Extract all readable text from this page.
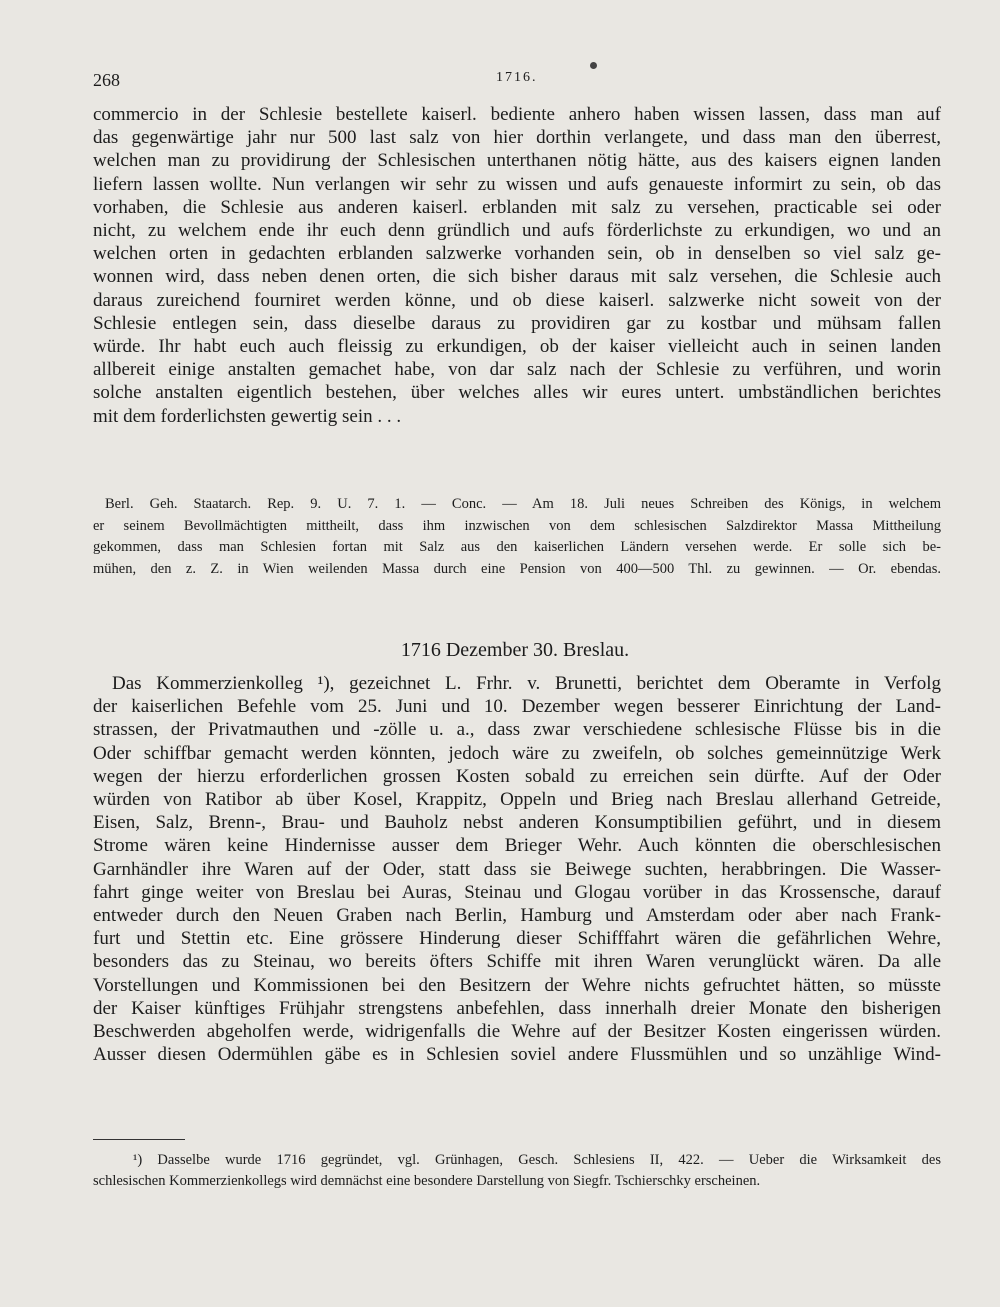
268	1716.
commercio in der Schlesie bestellete kaiserl. bediente anhero haben wissen lassen, dass man auf
das gegenwärtige jahr nur 500 last salz von hier dorthin verlangete, und dass man den überrest,
welchen man zu providirung der Schlesischen unterthanen nötig hätte, aus des kaisers eignen landen
liefern lassen wollte. Nun verlangen wir sehr zu wissen und aufs genaueste informirt zu sein, ob das
vorhaben, die Schlesie aus anderen kaiserl. erblanden mit salz zu versehen, practicable sei oder
nicht, zu welchem ende ihr euch denn gründlich und aufs förderlichste zu erkundigen, wo und an
welchen orten in gedachten erblanden salzwerke vorhanden sein, ob in denselben so viel salz ge-
wonnen wird, dass neben denen orten, die sich bisher daraus mit salz versehen, die Schlesie auch
daraus zureichend fourniret werden könne, und ob diese kaiserl. salzwerke nicht soweit von der
Schlesie entlegen sein, dass dieselbe daraus zu providiren gar zu kostbar und mühsam fallen
würde. Ihr habt euch auch fleissig zu erkundigen, ob der kaiser vielleicht auch in seinen landen
allbereit einige anstalten gemachet habe, von dar salz nach der Schlesie zu verführen, und worin
solche anstalten eigentlich bestehen, über welches alles wir eures untert. umbständlichen berichtes
mit dem forderlichsten gewertig sein . . .
Berl. Geh. Staatarch. Rep. 9. U. 7. 1. — Conc. — Am 18. Juli neues Schreiben des Königs, in welchem
er seinem Bevollmächtigten mittheilt, dass ihm inzwischen von dem schlesischen Salzdirektor Massa Mittheilung
gekommen, dass man Schlesien fortan mit Salz aus den kaiserlichen Ländern versehen werde. Er solle sich be-
mühen, den z. Z. in Wien weilenden Massa durch eine Pension von 400—500 Thl. zu gewinnen. — Or. ebendas.
1716 Dezember 30. Breslau.
Das Kommerzienkolleg ¹), gezeichnet L. Frhr. v. Brunetti, berichtet dem Oberamte in Verfolg
der kaiserlichen Befehle vom 25. Juni und 10. Dezember wegen besserer Einrichtung der Land-
strassen, der Privatmauthen und -zölle u. a., dass zwar verschiedene schlesische Flüsse bis in die
Oder schiffbar gemacht werden könnten, jedoch wäre zu zweifeln, ob solches gemeinnützige Werk
wegen der hierzu erforderlichen grossen Kosten sobald zu erreichen sein dürfte. Auf der Oder
würden von Ratibor ab über Kosel, Krappitz, Oppeln und Brieg nach Breslau allerhand Getreide,
Eisen, Salz, Brenn-, Brau- und Bauholz nebst anderen Konsumptibilien geführt, und in diesem
Strome wären keine Hindernisse ausser dem Brieger Wehr. Auch könnten die oberschlesischen
Garnhändler ihre Waren auf der Oder, statt dass sie Beiwege suchten, herabbringen. Die Wasser-
fahrt ginge weiter von Breslau bei Auras, Steinau und Glogau vorüber in das Krossensche, darauf
entweder durch den Neuen Graben nach Berlin, Hamburg und Amsterdam oder aber nach Frank-
furt und Stettin etc. Eine grössere Hinderung dieser Schifffahrt wären die gefährlichen Wehre,
besonders das zu Steinau, wo bereits öfters Schiffe mit ihren Waren verunglückt wären. Da alle
Vorstellungen und Kommissionen bei den Besitzern der Wehre nichts gefruchtet hätten, so müsste
der Kaiser künftiges Frühjahr strengstens anbefehlen, dass innerhalh dreier Monate den bisherigen
Beschwerden abgeholfen werde, widrigenfalls die Wehre auf der Besitzer Kosten eingerissen würden.
Ausser diesen Odermühlen gäbe es in Schlesien soviel andere Flussmühlen und so unzählige Wind-
¹) Dasselbe wurde 1716 gegründet, vgl. Grünhagen, Gesch. Schlesiens II, 422. — Ueber die Wirksamkeit des
schlesischen Kommerzienkollegs wird demnächst eine besondere Darstellung von Siegfr. Tschierschky erscheinen.
